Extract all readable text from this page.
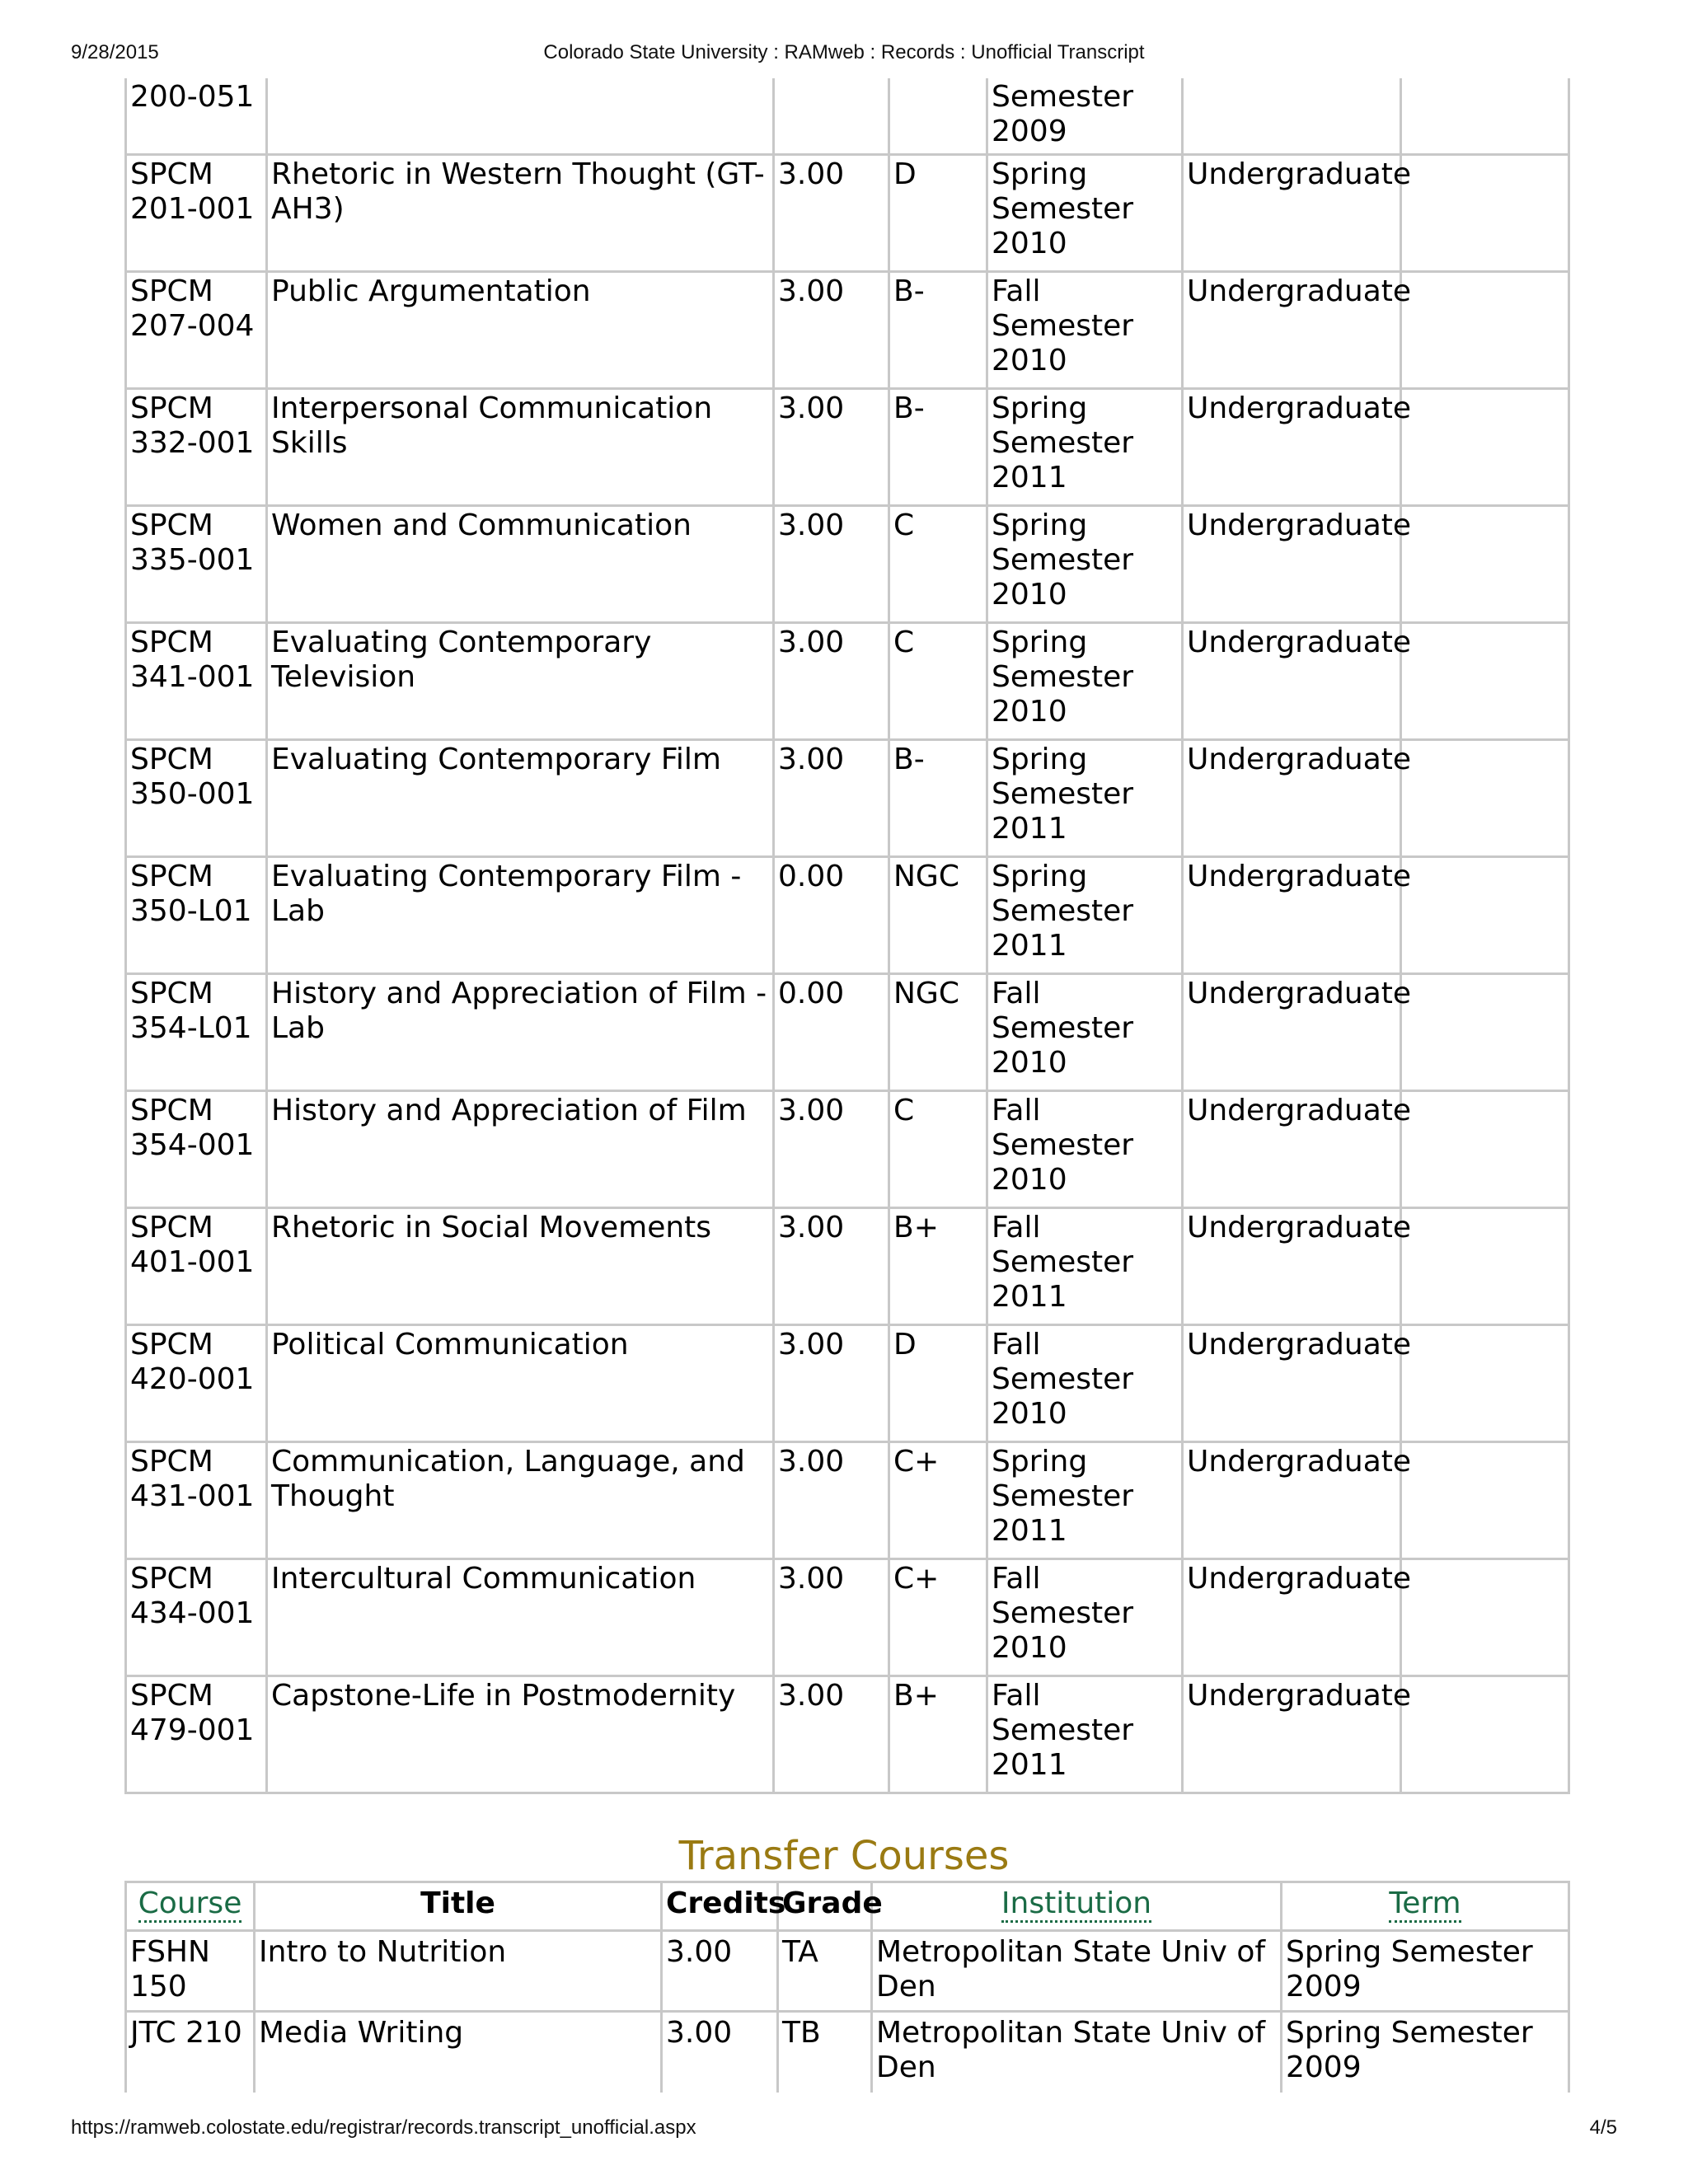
9/28/2015	Colorado State University : RAMweb : Records : Unofficial Transcript
200-051				Semester 2009		
SPCM 201-001	Rhetoric in Western Thought (GT-AH3)	3.00	D	Spring Semester 2010	Undergraduate	
SPCM 207-004	Public Argumentation	3.00	B-	Fall Semester 2010	Undergraduate	
SPCM 332-001	Interpersonal Communication Skills	3.00	B-	Spring Semester 2011	Undergraduate	
SPCM 335-001	Women and Communication	3.00	C	Spring Semester 2010	Undergraduate	
SPCM 341-001	Evaluating Contemporary Television	3.00	C	Spring Semester 2010	Undergraduate	
SPCM 350-001	Evaluating Contemporary Film	3.00	B-	Spring Semester 2011	Undergraduate	
SPCM 350-L01	Evaluating Contemporary Film - Lab	0.00	NGC	Spring Semester 2011	Undergraduate	
SPCM 354-L01	History and Appreciation of Film - Lab	0.00	NGC	Fall Semester 2010	Undergraduate	
SPCM 354-001	History and Appreciation of Film	3.00	C	Fall Semester 2010	Undergraduate	
SPCM 401-001	Rhetoric in Social Movements	3.00	B+	Fall Semester 2011	Undergraduate	
SPCM 420-001	Political Communication	3.00	D	Fall Semester 2010	Undergraduate	
SPCM 431-001	Communication, Language, and Thought	3.00	C+	Spring Semester 2011	Undergraduate	
SPCM 434-001	Intercultural Communication	3.00	C+	Fall Semester 2010	Undergraduate	
SPCM 479-001	Capstone-Life in Postmodernity	3.00	B+	Fall Semester 2011	Undergraduate	
Transfer Courses
Course	Title	Credits	Grade	Institution	Term
FSHN 150	Intro to Nutrition	3.00	TA	Metropolitan State Univ of Den	Spring Semester 2009
JTC 210	Media Writing	3.00	TB	Metropolitan State Univ of Den	Spring Semester 2009
https://ramweb.colostate.edu/registrar/records.transcript_unofficial.aspx	4/5
